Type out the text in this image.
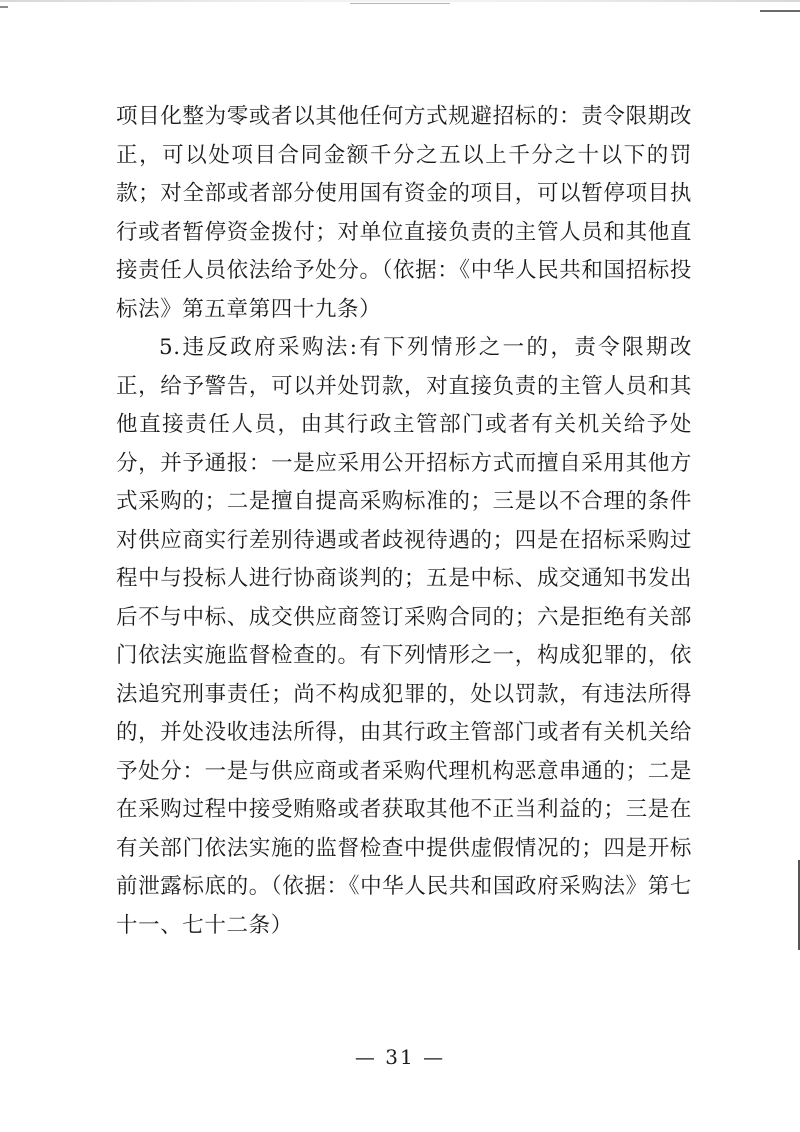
项目化整为零或者以其他任何方式规避招标的：责令限期改正，可以处项目合同金额千分之五以上千分之十以下的罚款；对全部或者部分使用国有资金的项目，可以暂停项目执行或者暂停资金拨付；对单位直接负责的主管人员和其他直接责任人员依法给予处分。（依据：《中华人民共和国招标投标法》第五章第四十九条）

5.违反政府采购法:有下列情形之一的，责令限期改正，给予警告，可以并处罚款，对直接负责的主管人员和其他直接责任人员，由其行政主管部门或者有关机关给予处分，并予通报：一是应采用公开招标方式而擅自采用其他方式采购的；二是擅自提高采购标准的；三是以不合理的条件对供应商实行差别待遇或者歧视待遇的；四是在招标采购过程中与投标人进行协商谈判的；五是中标、成交通知书发出后不与中标、成交供应商签订采购合同的；六是拒绝有关部门依法实施监督检查的。有下列情形之一，构成犯罪的，依法追究刑事责任；尚不构成犯罪的，处以罚款，有违法所得的，并处没收违法所得，由其行政主管部门或者有关机关给予处分：一是与供应商或者采购代理机构恶意串通的；二是在采购过程中接受贿赂或者获取其他不正当利益的；三是在有关部门依法实施的监督检查中提供虚假情况的；四是开标前泄露标底的。（依据：《中华人民共和国政府采购法》第七十一、七十二条）

— 31 —
